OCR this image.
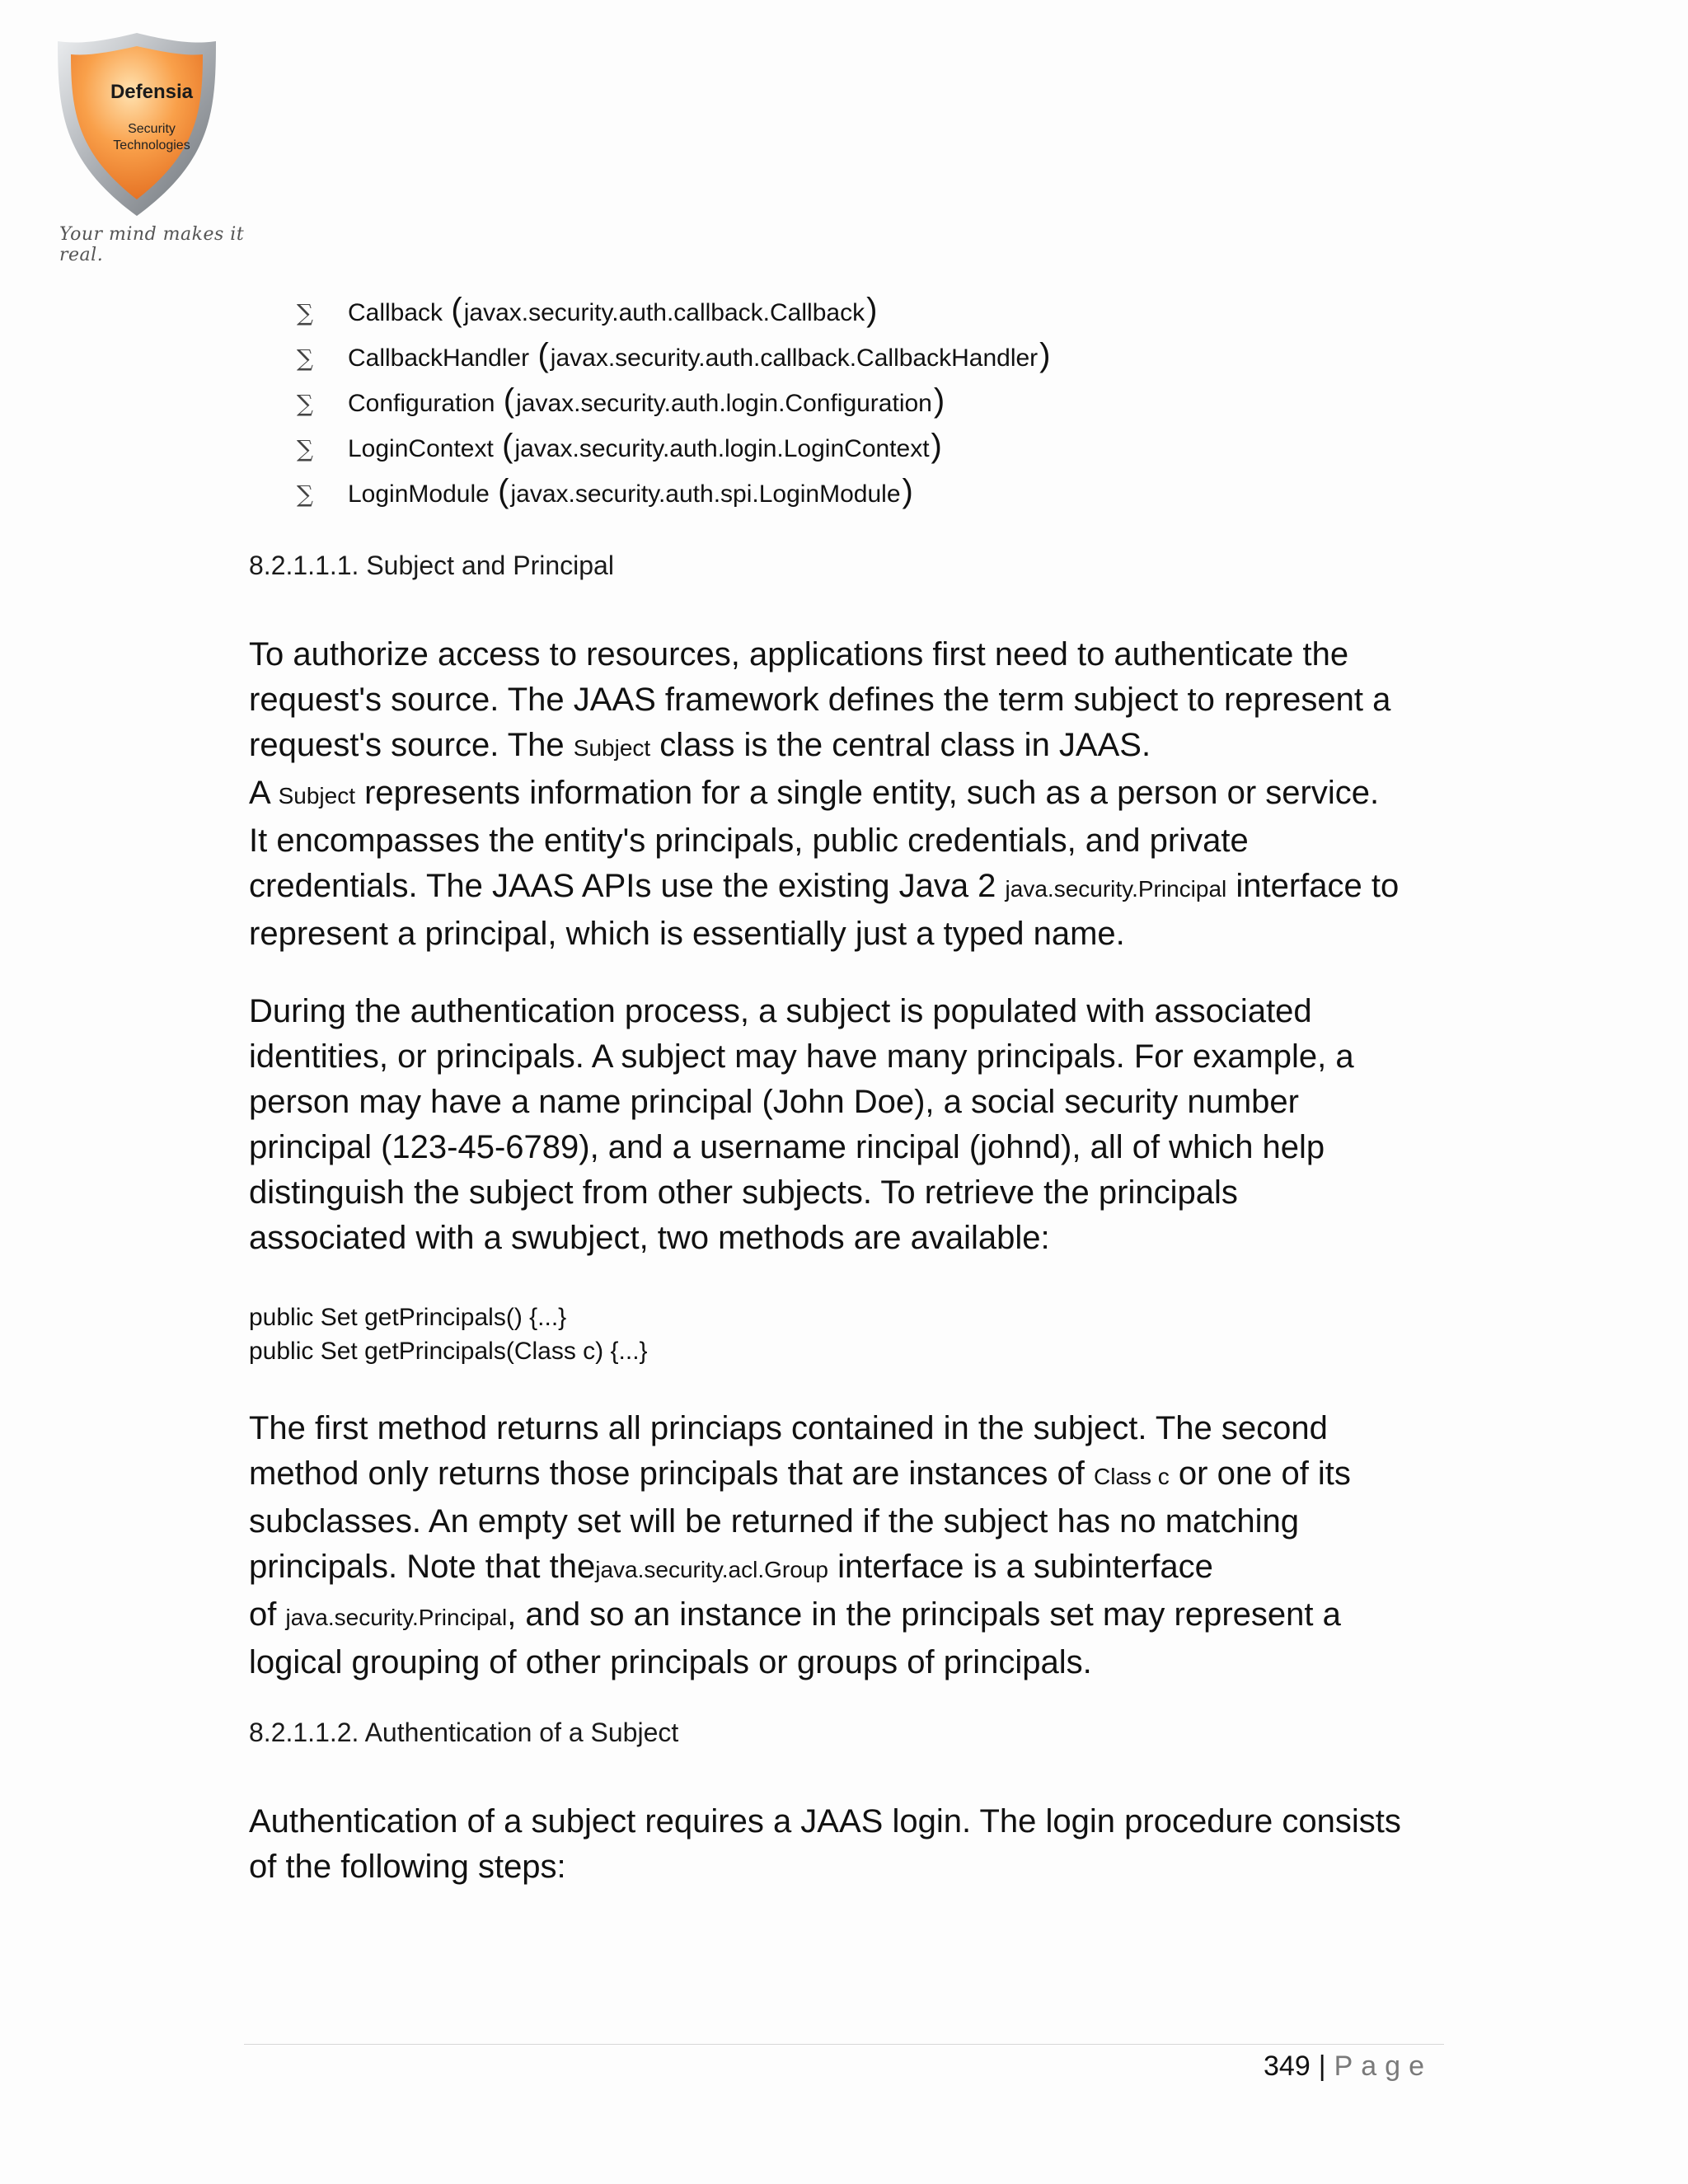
Defensia
Security
Technologies
Your mind makes it real.
∑	Callback
( javax.security.auth.callback.Callback )
∑	CallbackHandler
( javax.security.auth.callback.CallbackHandler )
∑	Configuration
( javax.security.auth.login.Configuration )
∑	LoginContext
( javax.security.auth.login.LoginContext )
∑	LoginModule
( javax.security.auth.spi.LoginModule )
8.2.1.1.1. Subject and Principal

To authorize access to resources, applications first need to authenticate the

request's source. The JAAS framework defines the term subject to represent a

request's source. The Subject class is the central class in JAAS.

A Subject represents information for a single entity, such as a person or service.

It encompasses the entity's principals, public credentials, and private

credentials. The JAAS APIs use the existing Java 2 java.security.Principal interface to

represent a principal, which is essentially just a typed name.

During the authentication process, a subject is populated with associated

identities, or principals. A subject may have many principals. For example, a

person may have a name principal (John Doe), a social security number

principal (123-45-6789), and a username rincipal (johnd), all of which help

distinguish the subject from other subjects. To retrieve the principals

associated with a swubject, two methods are available:

public Set getPrincipals() {...}
public Set getPrincipals(Class c) {...}

The first method returns all princiaps contained in the subject. The second

method only returns those principals that are instances of Class c or one of its

subclasses. An empty set will be returned if the subject has no matching

principals. Note that thejava.security.acl.Group interface is a subinterface

of java.security.Principal, and so an instance in the principals set may represent a

logical grouping of other principals or groups of principals.

8.2.1.1.2. Authentication of a Subject

Authentication of a subject requires a JAAS login. The login procedure consists

of the following steps:

349 | Page
